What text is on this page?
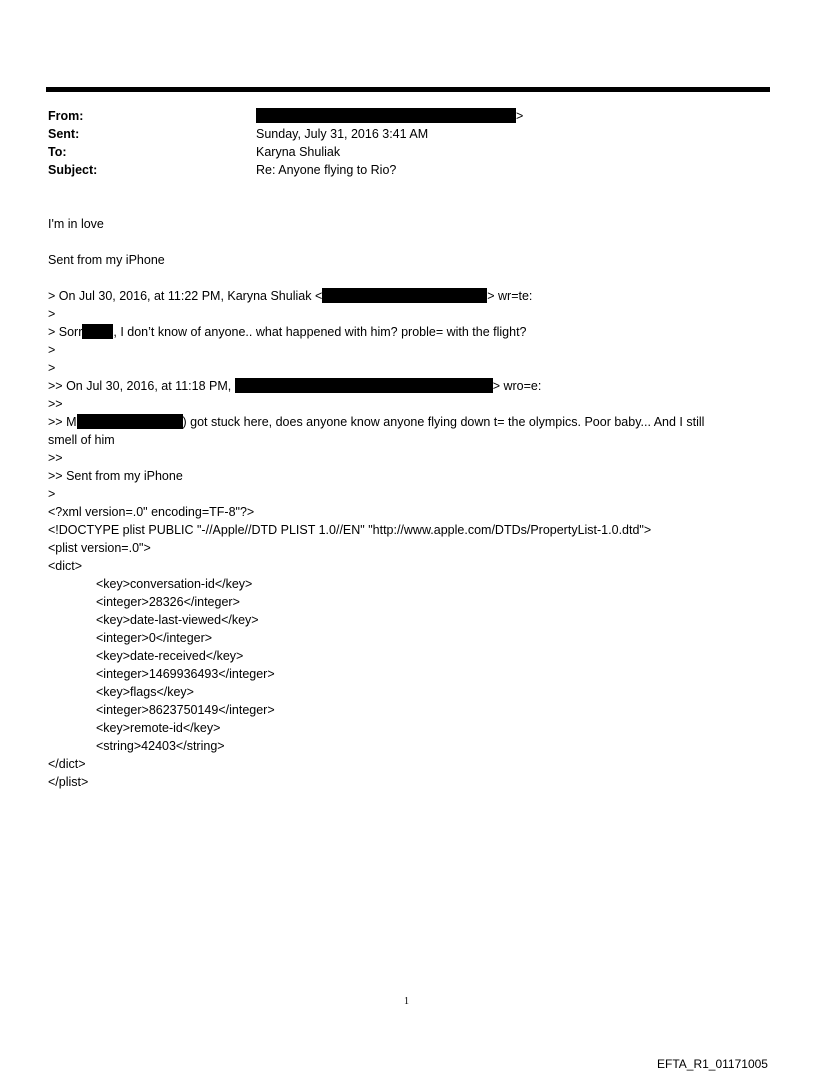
From:	>
Sent:	Sunday, July 31, 2016 3:41 AM
To:	Karyna Shuliak
Subject:	Re: Anyone flying to Rio?
I'm in love
Sent from my iPhone
> On Jul 30, 2016, at 11:22 PM, Karyna Shuliak <	> wr=te:
>
> Sorr , I don’t know of anyone.. what happened with him? proble= with the flight?
>
>
>> On Jul 30, 2016, at 11:18 PM,	> wro=e:
>>
>> M	) got stuck here, does anyone know anyone flying down t= the olympics. Poor baby... And I still
smell of him
>>
>> Sent from my iPhone
>
<?xml version=.0" encoding=TF-8"?>
<!DOCTYPE plist PUBLIC "-//Apple//DTD PLIST 1.0//EN" "http://www.apple.com/DTDs/PropertyList-1.0.dtd">
<plist version=.0">
<dict>
<key>conversation-id</key>
<integer>28326</integer>
<key>date-last-viewed</key>
<integer>0</integer>
<key>date-received</key>
<integer>1469936493</integer>
<key>flags</key>
<integer>8623750149</integer>
<key>remote-id</key>
<string>42403</string>
</dict>
</plist>
1
EFTA_R1_01171005
